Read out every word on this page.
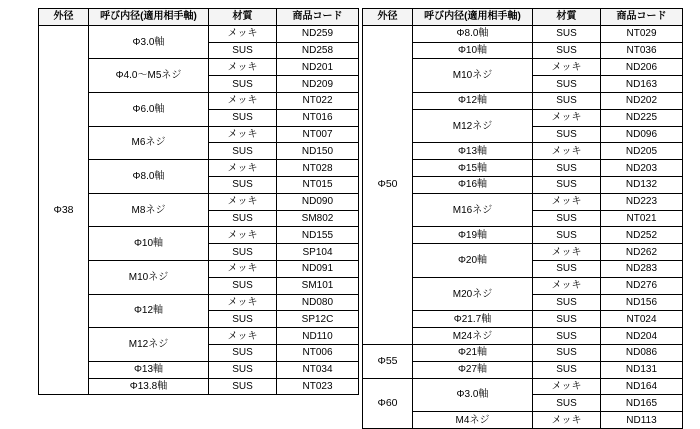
外径	呼び内径(適用相手軸)	材質	商品コード
Φ38	Φ3.0軸	メッキ	ND259
		SUS	ND258
	Φ4.0〜M5ネジ	メッキ	ND201
		SUS	ND209
	Φ6.0軸	メッキ	NT022
		SUS	NT016
	M6ネジ	メッキ	NT007
		SUS	ND150
	Φ8.0軸	メッキ	NT028
		SUS	NT015
	M8ネジ	メッキ	ND090
		SUS	SM802
	Φ10軸	メッキ	ND155
		SUS	SP104
	M10ネジ	メッキ	ND091
		SUS	SM101
	Φ12軸	メッキ	ND080
		SUS	SP12C
	M12ネジ	メッキ	ND110
		SUS	NT006
	Φ13軸	SUS	NT034
	Φ13.8軸	SUS	NT023
外径	呼び内径(適用相手軸)	材質	商品コード
Φ50	Φ8.0軸	SUS	NT029
	Φ10軸	SUS	NT036
	M10ネジ	メッキ	ND206
		SUS	ND163
	Φ12軸	SUS	ND202
	M12ネジ	メッキ	ND225
		SUS	ND096
	Φ13軸	メッキ	ND205
	Φ15軸	SUS	ND203
	Φ16軸	SUS	ND132
	M16ネジ	メッキ	ND223
		SUS	NT021
	Φ19軸	SUS	ND252
	Φ20軸	メッキ	ND262
		SUS	ND283
	M20ネジ	メッキ	ND276
		SUS	ND156
	Φ21.7軸	SUS	NT024
	M24ネジ	SUS	ND204
Φ55	Φ21軸	SUS	ND086
	Φ27軸	SUS	ND131
Φ60	Φ3.0軸	メッキ	ND164
		SUS	ND165
	M4ネジ	メッキ	ND113
